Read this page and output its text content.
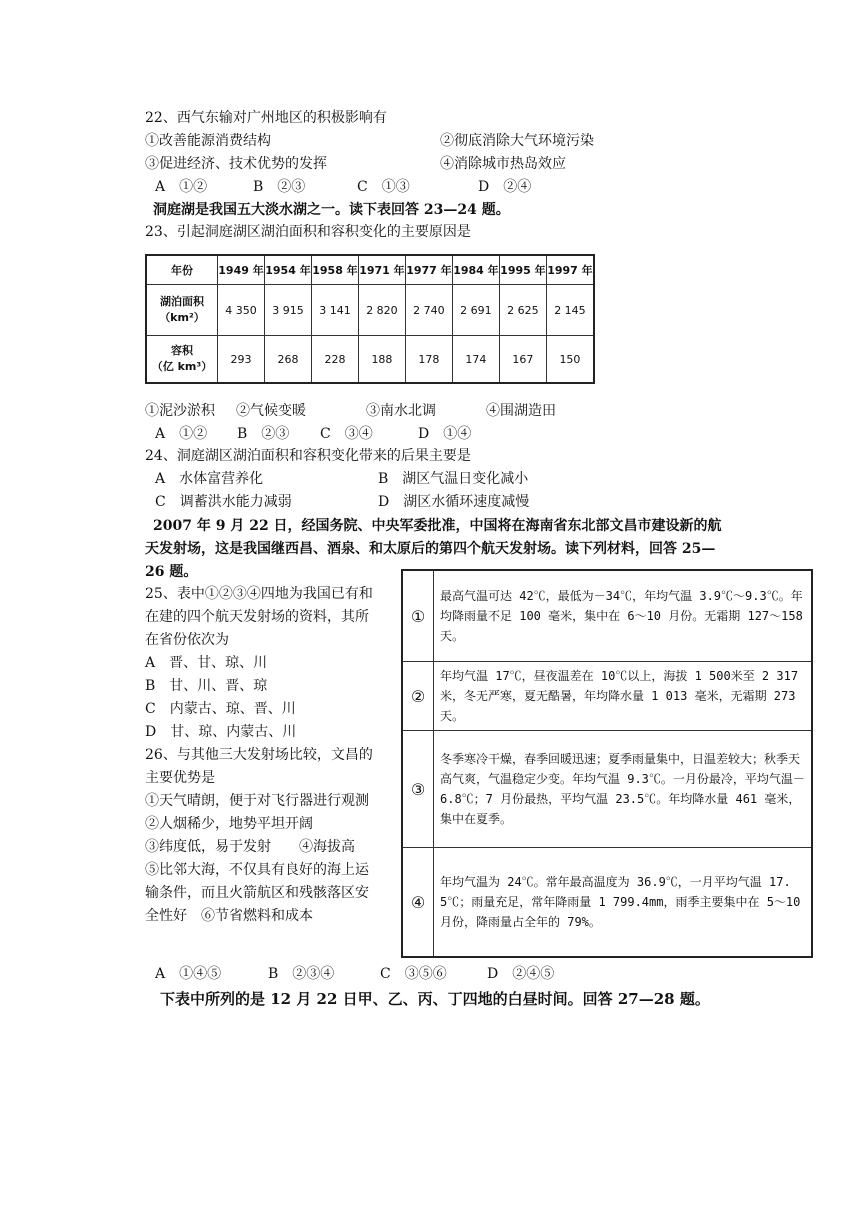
22、西气东输对广州地区的积极影响有
①改善能源消费结构	②彻底消除大气环境污染
③促进经济、技术优势的发挥	④消除城市热岛效应
A　①②	B　②③	C　①③	D　②④
洞庭湖是我国五大淡水湖之一。读下表回答 23—24 题。
23、引起洞庭湖区湖泊面积和容积变化的主要原因是
年份	1949 年	1954 年	1958 年	1971 年	1977 年	1984 年	1995 年	1997 年

湖泊面积
（km²）	4 350	3 915	3 141	2 820	2 740	2 691	2 625	2 145

容积
（亿 km³）	293	268	228	188	178	174	167	150
①泥沙淤积 ②气候变暖	③南水北调	④围湖造田
A　①② B　②③ C　③④	D　①④
24、洞庭湖区湖泊面积和容积变化带来的后果主要是
A　水体富营养化	B　湖区气温日变化减小
C　调蓄洪水能力减弱	D　湖区水循环速度减慢
2007 年 9 月 22 日，经国务院、中央军委批准，中国将在海南省东北部文昌市建设新的航
天发射场，这是我国继西昌、酒泉、和太原后的第四个航天发射场。读下列材料，回答 25—
26 题。
25、表中①②③④四地为我国已有和
在建的四个航天发射场的资料，其所
在省份依次为
A　晋、甘、琼、川
B　甘、川、晋、琼
C　内蒙古、琼、晋、川
D　甘、琼、内蒙古、川
26、与其他三大发射场比较，文昌的
主要优势是
①天气晴朗，便于对飞行器进行观测
②人烟稀少，地势平坦开阔
③纬度低，易于发射　　④海拔高
⑤比邻大海，不仅具有良好的海上运
输条件，而且火箭航区和残骸落区安
全性好　⑥节省燃料和成本
①	最高气温可达 42℃，最低为－34℃，年均气温 3.9℃～9.3℃。年均降雨量不足 100 毫米，集中在 6～10 月份。无霜期 127～158 天。
②	年均气温 17℃，昼夜温差在 10℃以上，海拔 1 500米至 2 317 米，冬无严寒，夏无酷暑，年均降水量 1 013 毫米，无霜期 273 天。
③	冬季寒冷干燥，春季回暖迅速；夏季雨量集中，日温差较大；秋季天高气爽，气温稳定少变。年均气温 9.3℃。一月份最冷，平均气温－6.8℃；7 月份最热，平均气温 23.5℃。年均降水量 461 毫米，集中在夏季。
④	年均气温为 24℃。常年最高温度为 36.9℃，一月平均气温 17.5℃；雨量充足，常年降雨量 1 799.4mm，雨季主要集中在 5～10 月份，降雨量占全年的 79%。
A　①④⑤	B　②③④	C　③⑤⑥	D　②④⑤
下表中所列的是 12 月 22 日甲、乙、丙、丁四地的白昼时间。回答 27—28 题。
